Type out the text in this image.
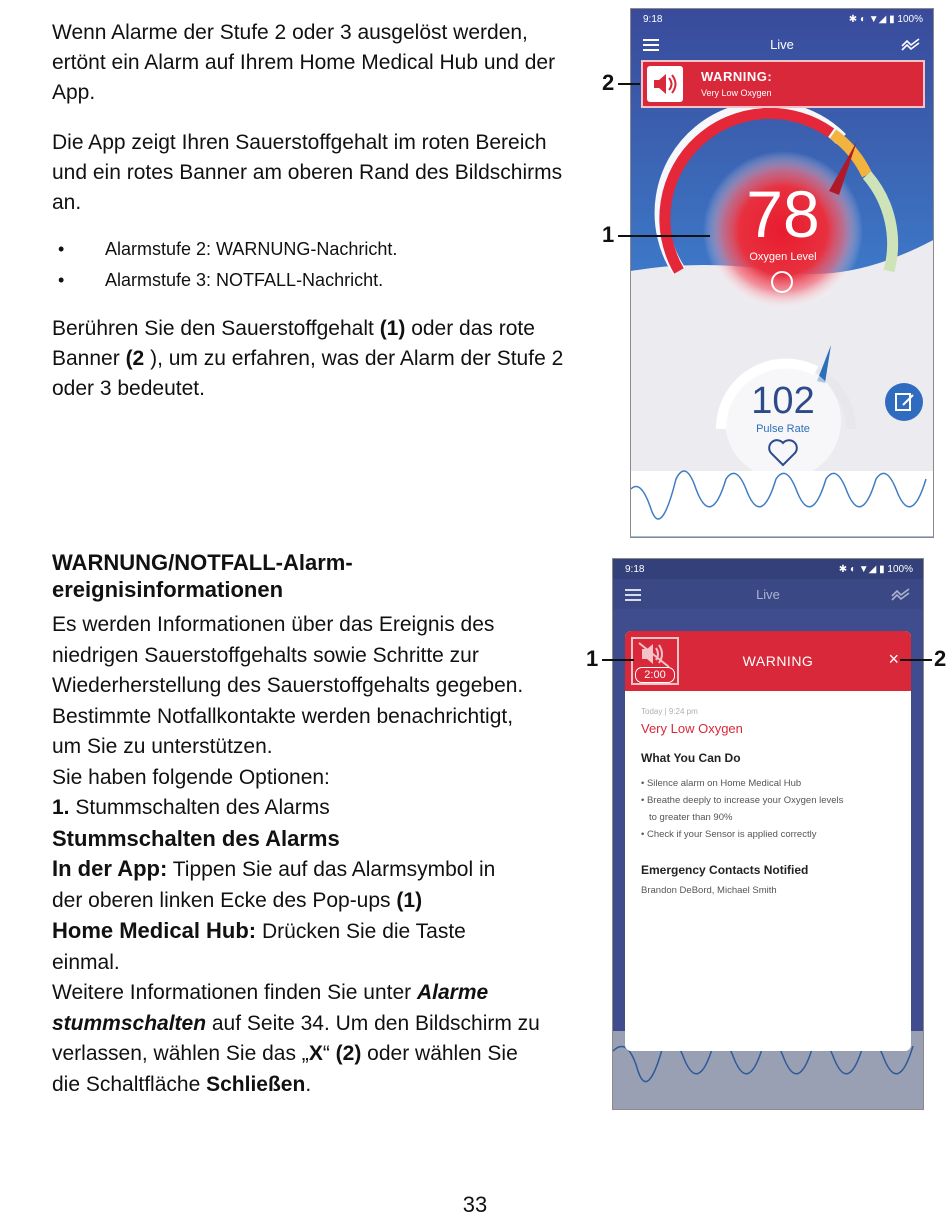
Wenn Alarme der Stufe 2 oder 3 ausgelöst werden, ertönt ein Alarm auf Ihrem Home Medical Hub und der App.

Die App zeigt Ihren Sauerstoffgehalt im roten Bereich und ein rotes Banner am oberen Rand des Bildschirms an.

• Alarmstufe 2: WARNUNG-Nachricht.
• Alarmstufe 3: NOTFALL-Nachricht.

Berühren Sie den Sauerstoffgehalt (1) oder das rote Banner (2 ), um zu erfahren, was der Alarm der Stufe 2 oder 3 bedeutet.

WARNUNG/NOTFALL-Alarm-
ereignisinformationen
Es werden Informationen über das Ereignis des
niedrigen Sauerstoffgehalts sowie Schritte zur
Wiederherstellung des Sauerstoffgehalts gegeben.
Bestimmte Notfallkontakte werden benachrichtigt,
um Sie zu unterstützen.
Sie haben folgende Optionen:
1. Stummschalten des Alarms
Stummschalten des Alarms
In der App: Tippen Sie auf das Alarmsymbol in
der oberen linken Ecke des Pop-ups (1)
Home Medical Hub: Drücken Sie die Taste
einmal.
Weitere Informationen finden Sie unter Alarme
stummschalten auf Seite 34. Um den Bildschirm zu
verlassen, wählen Sie das „X“ (2) oder wählen Sie
die Schaltfläche Schließen.
33
9:18	✱ ◐ ▼◢ ▮ 100%
Live
WARNING:
Very Low Oxygen
78
Oxygen Level
102
Pulse Rate
2
1
9:18	✱ ◐ ▼◢ ▮ 100%
Live
2:00
WARNING	×
Today | 9:24 pm
Very Low Oxygen
What You Can Do
• Silence alarm on Home Medical Hub
• Breathe deeply to increase your Oxygen levels
to greater than 90%
• Check if your Sensor is applied correctly
Emergency Contacts Notified
Brandon DeBord, Michael Smith
1	2
